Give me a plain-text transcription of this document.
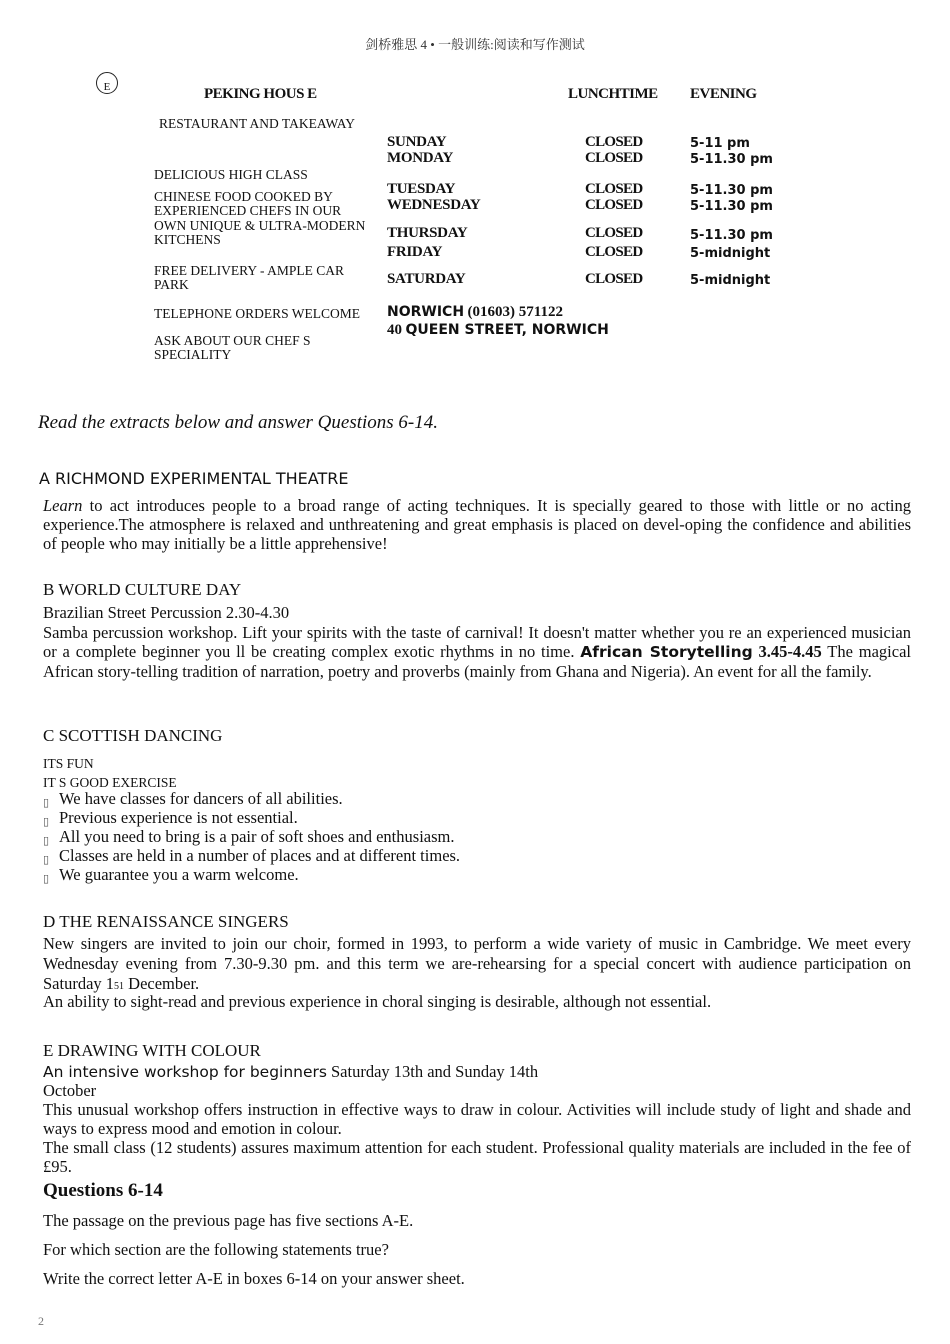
剑桥雅思 4 • 一般训练:阅读和写作测试
E	PEKING HOUS E	LUNCHTIME EVENING
RESTAURANT AND TAKEAWAY
DELICIOUS HIGH CLASS
CHINESE FOOD COOKED BY EXPERIENCED CHEFS IN OUR
OWN UNIQUE & ULTRA-MODERN KITCHENS
FREE DELIVERY - AMPLE CAR PARK
TELEPHONE ORDERS WELCOME
ASK ABOUT OUR CHEF S SPECIALITY
SUNDAY	CLOSED	5-11 pm
MONDAY	CLOSED	5-11.30 pm
TUESDAY	CLOSED	5-11.30 pm
WEDNESDAY	CLOSED	5-11.30 pm
THURSDAY	CLOSED	5-11.30 pm
FRIDAY	CLOSED	5-midnight
SATURDAY	CLOSED	5-midnight
NORWICH (01603) 571122
40 QUEEN STREET, NORWICH
Read the extracts below and answer Questions 6-14.
A RICHMOND EXPERIMENTAL THEATRE
Learn to act introduces people to a broad range of acting techniques. It is specially geared to those with little or no acting experience.The atmosphere is relaxed and unthreatening and great emphasis is placed on devel-oping the confidence and abilities of people who may initially be a little apprehensive!
B WORLD CULTURE DAY
Brazilian Street Percussion 2.30-4.30
Samba percussion workshop. Lift your spirits with the taste of carnival! It doesn't matter whether you re an experienced musician or a complete beginner you ll be creating complex exotic rhythms in no time. African Storytelling 3.45-4.45 The magical African story-telling tradition of narration, poetry and proverbs (mainly from Ghana and Nigeria). An event for all the family.
C SCOTTISH DANCING
ITS FUN
IT S GOOD EXERCISE
▯ We have classes for dancers of all abilities.
▯ Previous experience is not essential.
▯ All you need to bring is a pair of soft shoes and enthusiasm.
▯ Classes are held in a number of places and at different times.
▯ We guarantee you a warm welcome.
D THE RENAISSANCE SINGERS
New singers are invited to join our choir, formed in 1993, to perform a wide variety of music in Cambridge. We meet every Wednesday evening from 7.30-9.30 pm. and this term we are-rehearsing for a special concert with audience participation on Saturday 151 December.
An ability to sight-read and previous experience in choral singing is desirable, although not essential.
E DRAWING WITH COLOUR
An intensive workshop for beginners Saturday 13th and Sunday 14th
October
This unusual workshop offers instruction in effective ways to draw in colour. Activities will include study of light and shade and ways to express mood and emotion in colour.
The small class (12 students) assures maximum attention for each student. Professional quality materials are included in the fee of £95.
Questions 6-14
The passage on the previous page has five sections A-E.
For which section are the following statements true?
Write the correct letter A-E in boxes 6-14 on your answer sheet.
2
